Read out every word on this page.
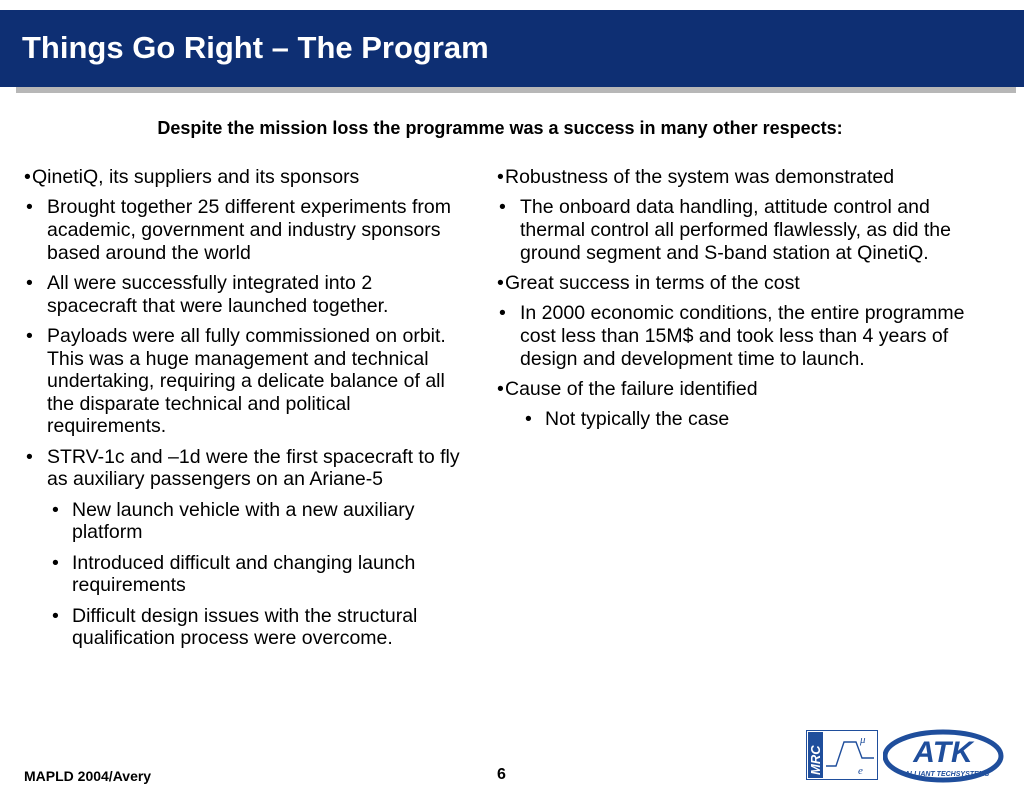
Things Go Right – The Program
Despite the mission loss the programme was a success in many other respects:
• QinetiQ, its suppliers and its sponsors
• Brought together 25 different experiments from academic, government and industry sponsors based around the world
• All were successfully integrated into 2 spacecraft that were launched together.
• Payloads were all fully commissioned on orbit. This was a huge management and technical undertaking, requiring a delicate balance of all the disparate technical and political requirements.
• STRV-1c and –1d were the first spacecraft to fly as auxiliary passengers on an Ariane-5
• New launch vehicle with a new auxiliary platform
• Introduced difficult and changing launch requirements
• Difficult design issues with the structural qualification process were overcome.
• Robustness of the system was demonstrated
• The onboard data handling, attitude control and thermal control all performed flawlessly, as did the ground segment and S-band station at QinetiQ.
• Great success in terms of the cost
• In 2000 economic conditions, the entire programme cost less than 15M$ and took less than 4 years of design and development time to launch.
• Cause of the failure identified
• Not typically the case
MAPLD 2004/Avery	6	MRC
μ
e
ATK
ALLIANT TECHSYSTEMS
